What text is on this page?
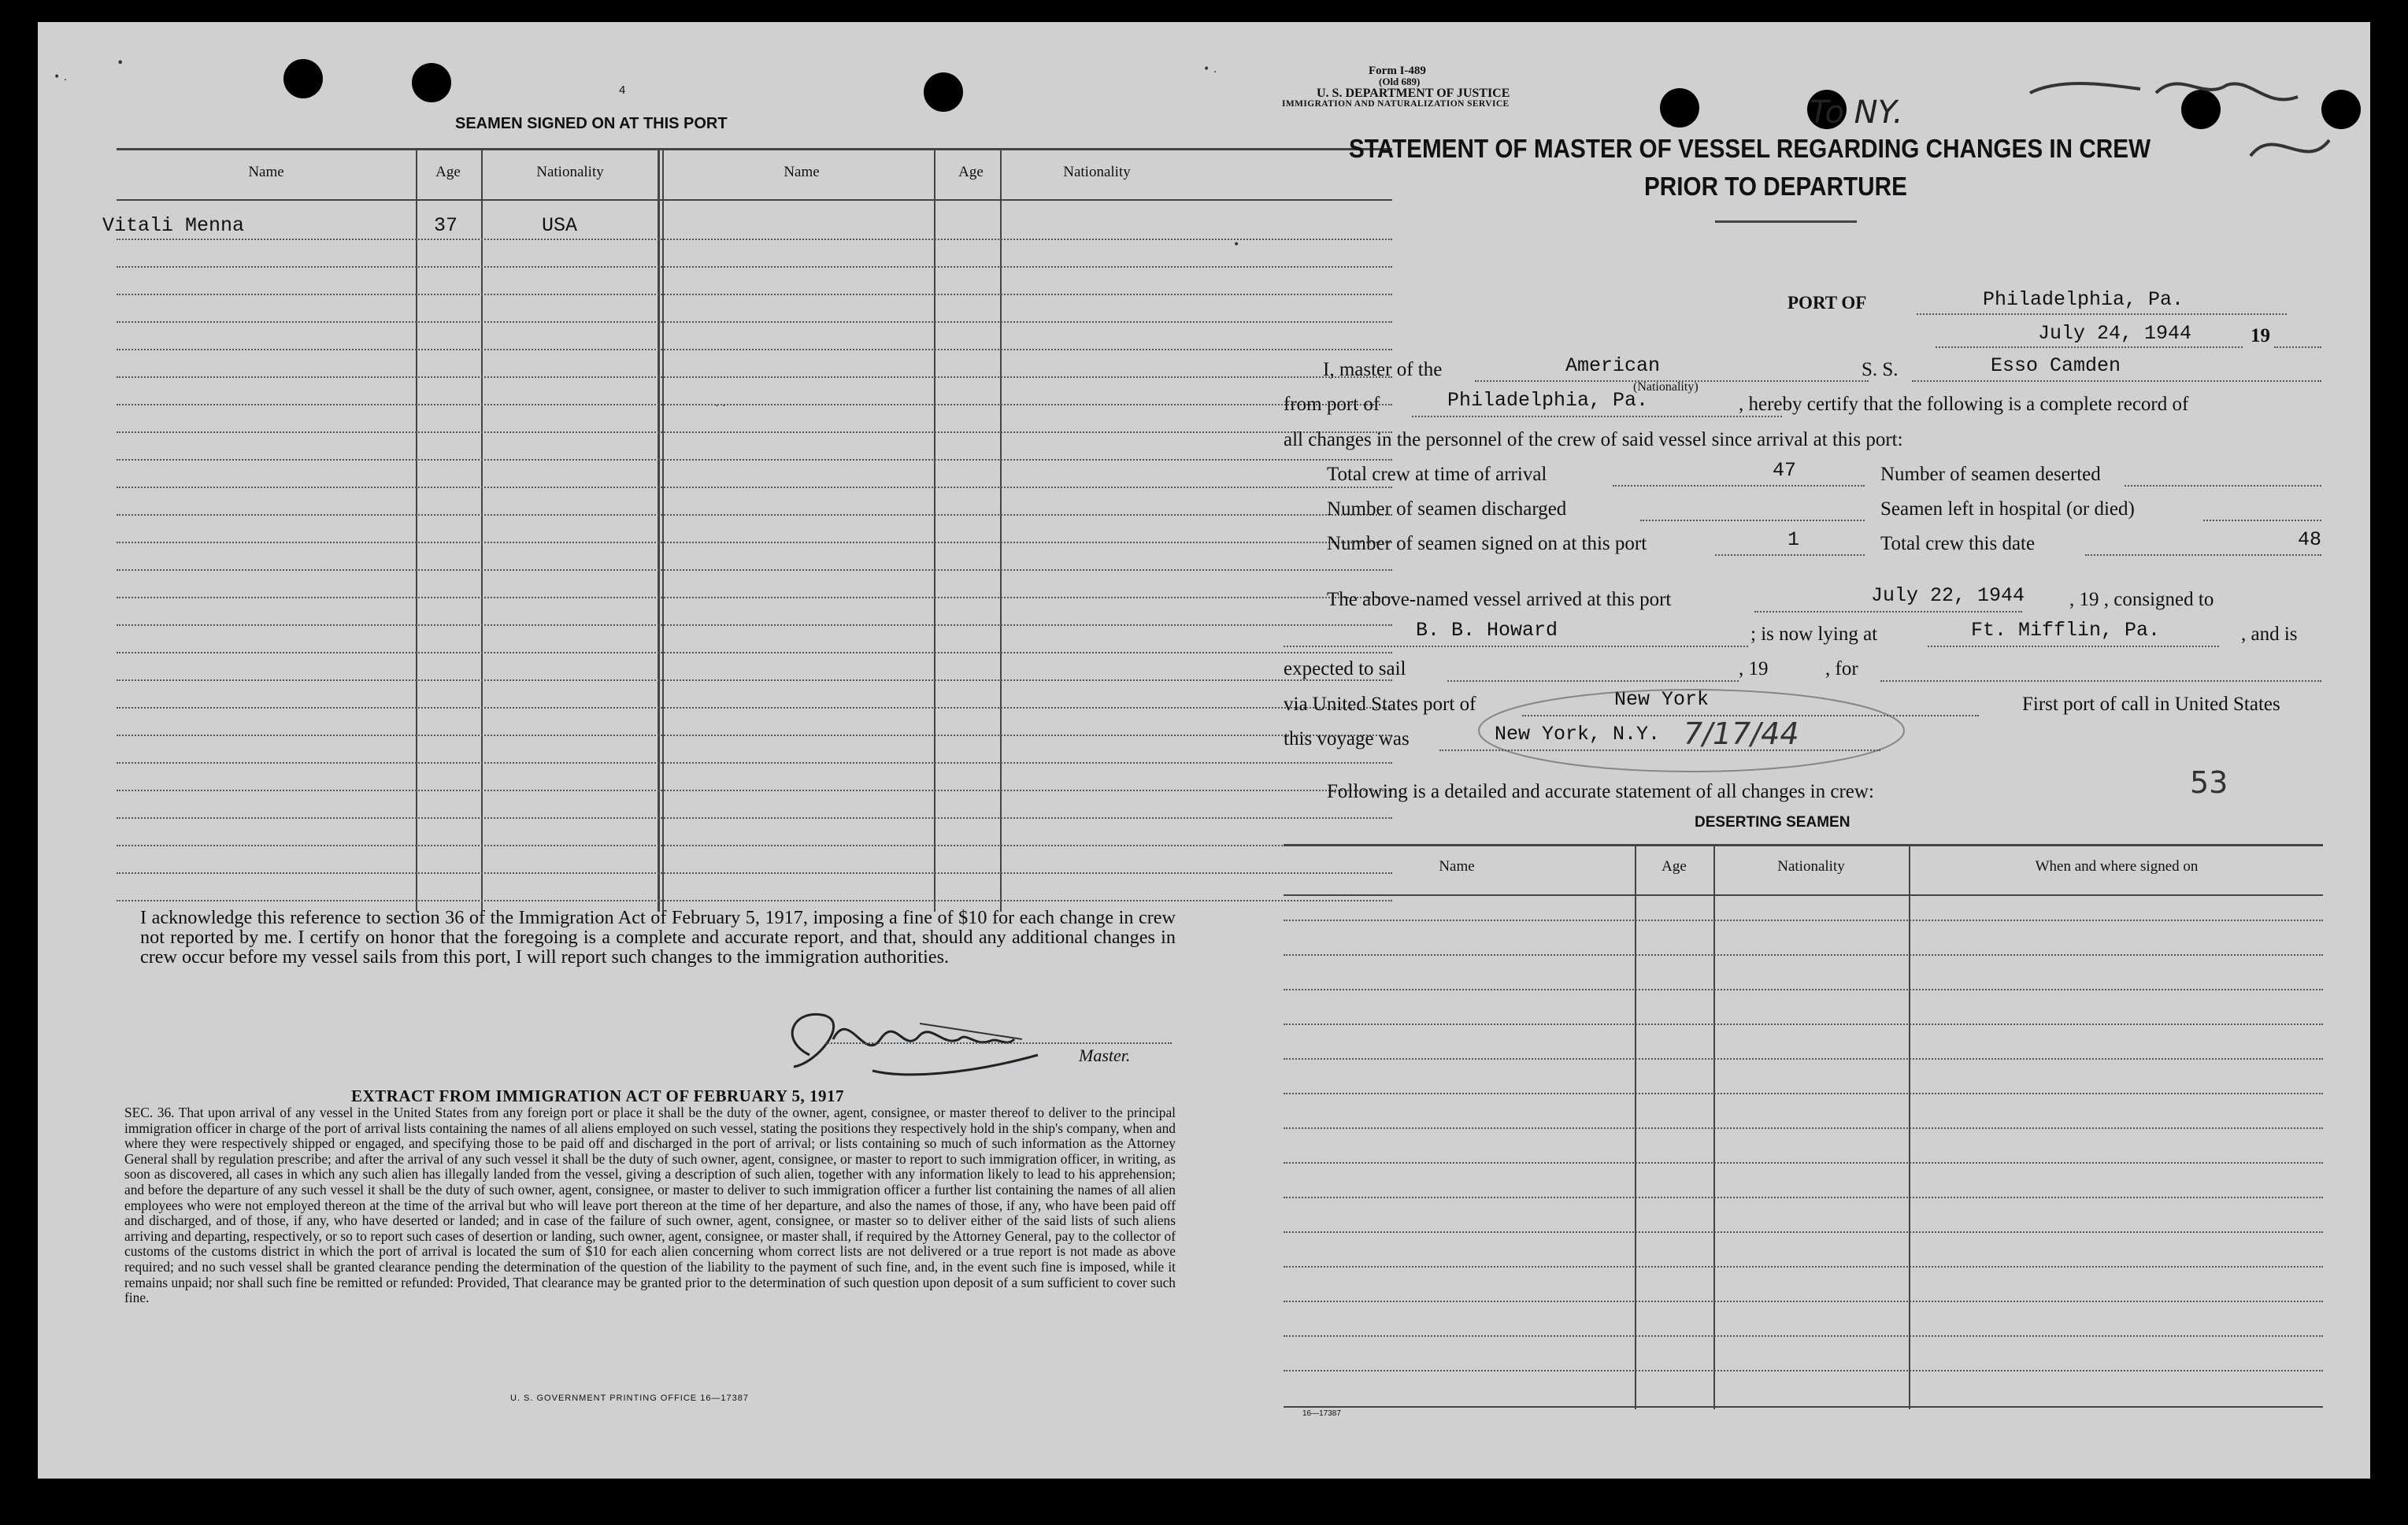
4
SEAMEN SIGNED ON AT THIS PORT
Name	Age	Nationality	Name	Age	Nationality
Vitali Menna	37	USA
I acknowledge this reference to section 36 of the Immigration Act of February 5, 1917, imposing a fine of $10 for each change in crew not reported by me. I certify on honor that the foregoing is a complete and accurate report, and that, should any additional changes in crew occur before my vessel sails from this port, I will report such changes to the immigration authorities.
Master.
EXTRACT FROM IMMIGRATION ACT OF FEBRUARY 5, 1917
SEC. 36. That upon arrival of any vessel in the United States from any foreign port or place it shall be the duty of the owner, agent, consignee, or master thereof to deliver to the principal immigration officer in charge of the port of arrival lists containing the names of all aliens employed on such vessel, stating the positions they respectively hold in the ship's company, when and where they were respectively shipped or engaged, and specifying those to be paid off and discharged in the port of arrival; or lists containing so much of such information as the Attorney General shall by regulation prescribe; and after the arrival of any such vessel it shall be the duty of such owner, agent, consignee, or master to report to such immigration officer, in writing, as soon as discovered, all cases in which any such alien has illegally landed from the vessel, giving a description of such alien, together with any information likely to lead to his apprehension; and before the departure of any such vessel it shall be the duty of such owner, agent, consignee, or master to deliver to such immigration officer a further list containing the names of all alien employees who were not employed thereon at the time of the arrival but who will leave port thereon at the time of her departure, and also the names of those, if any, who have been paid off and discharged, and of those, if any, who have deserted or landed; and in case of the failure of such owner, agent, consignee, or master so to deliver either of the said lists of such aliens arriving and departing, respectively, or so to report such cases of desertion or landing, such owner, agent, consignee, or master shall, if required by the Attorney General, pay to the collector of customs of the customs district in which the port of arrival is located the sum of $10 for each alien concerning whom correct lists are not delivered or a true report is not made as above required; and no such vessel shall be granted clearance pending the determination of the question of the liability to the payment of such fine, and, in the event such fine is imposed, while it remains unpaid; nor shall such fine be remitted or refunded: Provided, That clearance may be granted prior to the determination of such question upon deposit of a sum sufficient to cover such fine.
U. S. GOVERNMENT PRINTING OFFICE 16—17387
Form I-489
(Old 689)
U. S. DEPARTMENT OF JUSTICE
IMMIGRATION AND NATURALIZATION SERVICE	To NY.
STATEMENT OF MASTER OF VESSEL REGARDING CHANGES IN CREW
PRIOR TO DEPARTURE

PORT OF	Philadelphia, Pa.
July 24, 1944	19
I, master of the	American
(Nationality)
S. S.	Esso Camden
from port of	Philadelphia, Pa.	, hereby certify that the following is a complete record of
all changes in the personnel of the crew of said vessel since arrival at this port:
Total crew at time of arrival	47	Number of seamen deserted
Number of seamen discharged	Seamen left in hospital (or died)
Number of seamen signed on at this port	1	Total crew this date	48
The above-named vessel arrived at this port	July 22, 1944 , 19 , consigned to
B. B. Howard	; is now lying at	Ft. Mifflin, Pa.	, and is
expected to sail	, 19	, for
via United States port of	New York	First port of call in United States
this voyage was	New York, N.Y. 7/17/44
Following is a detailed and accurate statement of all changes in crew:	53
DESERTING SEAMEN
Name	Age	Nationality	When and where signed on
16—17387
• .
•	• .
•
· ·
